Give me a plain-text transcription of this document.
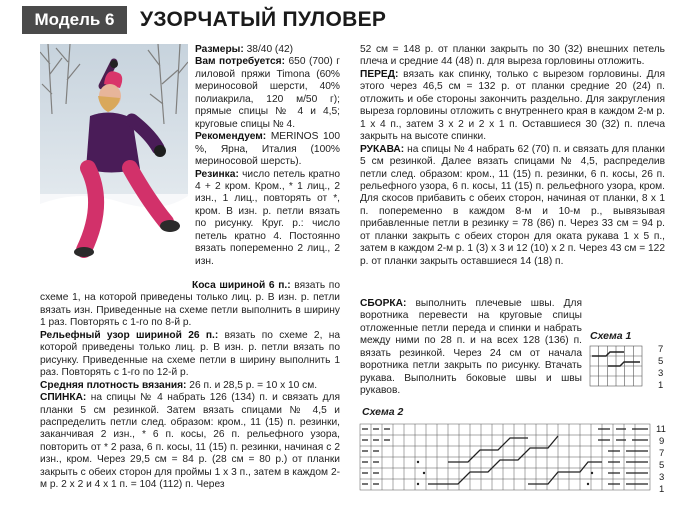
Модель 6	УЗОРЧАТЫЙ ПУЛОВЕР

Размеры: 38/40 (42)

Вам потребуется: 650 (700) г лиловой пряжи Timona (60% мериносовой шерсти, 40% полиакрила, 120 м/50 г); прямые спицы № 4 и 4,5; круговые спицы № 4.

Рекомендуем: MERINOS 100 %, Ярна, Италия (100% мериносовой шерсть).

Резинка: число петель кратно 4 + 2 кром. Кром., * 1 лиц., 2 изн., 1 лиц., повторять от *, кром. В изн. р. петли вязать по рисунку. Круг. р.: число петель кратно 4. Постоянно вязать попеременно 2 лиц., 2 изн.

Коса шириной 6 п.: вязать по схеме 1, на которой приведены только лиц. р. В изн. р. петли вязать изн. Приведенные на схеме петли выполнить в ширину 1 раз. Повторять с 1-го по 8-й р.

Рельефный узор шириной 26 п.: вязать по схеме 2, на которой приведены только лиц. р. В изн. р. петли вязать по рисунку. Приведенные на схеме петли в ширину выполнить 1 раз. Повторять с 1-го по 12-й р.

Средняя плотность вязания: 26 п. и 28,5 р. = 10 х 10 см.

СПИНКА: на спицы № 4 набрать 126 (134) п. и связать для планки 5 см резинкой. Затем вязать спицами № 4,5 и распределить петли след. образом: кром., 11 (15) п. резинки, заканчивая 2 изн., * 6 п. косы, 26 п. рельефного узора, повторить от * 2 раза, 6 п. косы, 11 (15) п. резинки, начиная с 2 изн., кром. Через 29,5 см = 84 р. (28 см = 80 р.) от планки закрыть с обеих сторон для проймы 1 х 3 п., затем в каждом 2-м р. 2 х 2 и 4 х 1 п. = 104 (112) п. Через

52 см = 148 р. от планки закрыть по 30 (32) внешних петель плеча и средние 44 (48) п. для выреза горловины отложить.

ПЕРЕД: вязать как спинку, только с вырезом горловины. Для этого через 46,5 см = 132 р. от планки средние 20 (24) п. отложить и обе стороны закончить раздельно. Для закругления выреза горловины отложить с внутреннего края в каждом 2-м р. 1 х 4 п., затем 3 х 2 и 2 х 1 п. Оставшиеся 30 (32) п. плеча закрыть на высоте спинки.

РУКАВА: на спицы № 4 набрать 62 (70) п. и связать для планки 5 см резинкой. Далее вязать спицами № 4,5, распределив петли след. образом: кром., 11 (15) п. резинки, 6 п. косы, 26 п. рельефного узора, 6 п. косы, 11 (15) п. рельефного узора, кром. Для скосов прибавить с обеих сторон, начиная от планки, 8 х 1 п. попеременно в каждом 8-м и 10-м р., вывязывая прибавленные петли в резинку = 78 (86) п. Через 33 см = 94 р. от планки закрыть с обеих сторон для оката рукава 1 х 5 п., затем в каждом 2-м р. 1 (3) х 3 и 12 (10) х 2 п. Через 43 см = 122 р. от планки закрыть оставшиеся 14 (18) п.

СБОРКА: выполнить плечевые швы. Для воротника перевести на круговые спицы отложенные петли переда и спинки и набрать между ними по 28 п. и на всех 128 (136) п. вязать резинкой. Через 24 см от начала воротника петли закрыть по рисунку. Втачать рукава. Выполнить боковые швы и швы рукавов.

Схема 1
7
5
3
1
Схема 2
11
9
7
5
3
1
